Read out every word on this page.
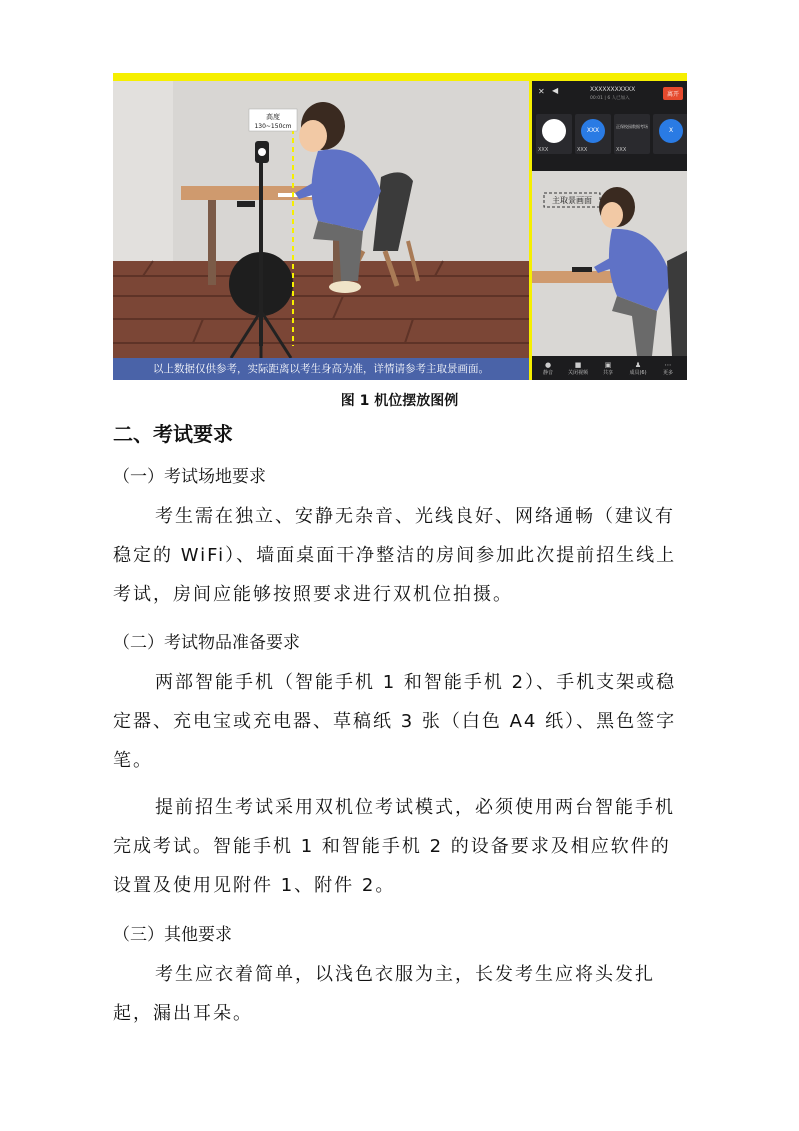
高度
130~150cm
以上数据仅供参考，实际距离以考生身高为准，详情请参考主取景画面。
✕ ◀	XXXXXXXXXXX
00:01 | 6 人已加入
离开
XXX
XXX
XXX
正保校园数据考场
XXX
X
主取景画面
●
静音
■
关闭视频
▣
共享
♟
成员(6)
⋯
更多
图 1 机位摆放图例
二、考试要求
（一）考试场地要求
考生需在独立、安静无杂音、光线良好、网络通畅（建议有稳定的 WiFi）、墙面桌面干净整洁的房间参加此次提前招生线上考试，房间应能够按照要求进行双机位拍摄。
（二）考试物品准备要求
两部智能手机（智能手机 1 和智能手机 2）、手机支架或稳定器、充电宝或充电器、草稿纸 3 张（白色 A4 纸）、黑色签字笔。
提前招生考试采用双机位考试模式，必须使用两台智能手机完成考试。智能手机 1 和智能手机 2 的设备要求及相应软件的设置及使用见附件 1、附件 2。
（三）其他要求
考生应衣着简单，以浅色衣服为主，长发考生应将头发扎起，漏出耳朵。
